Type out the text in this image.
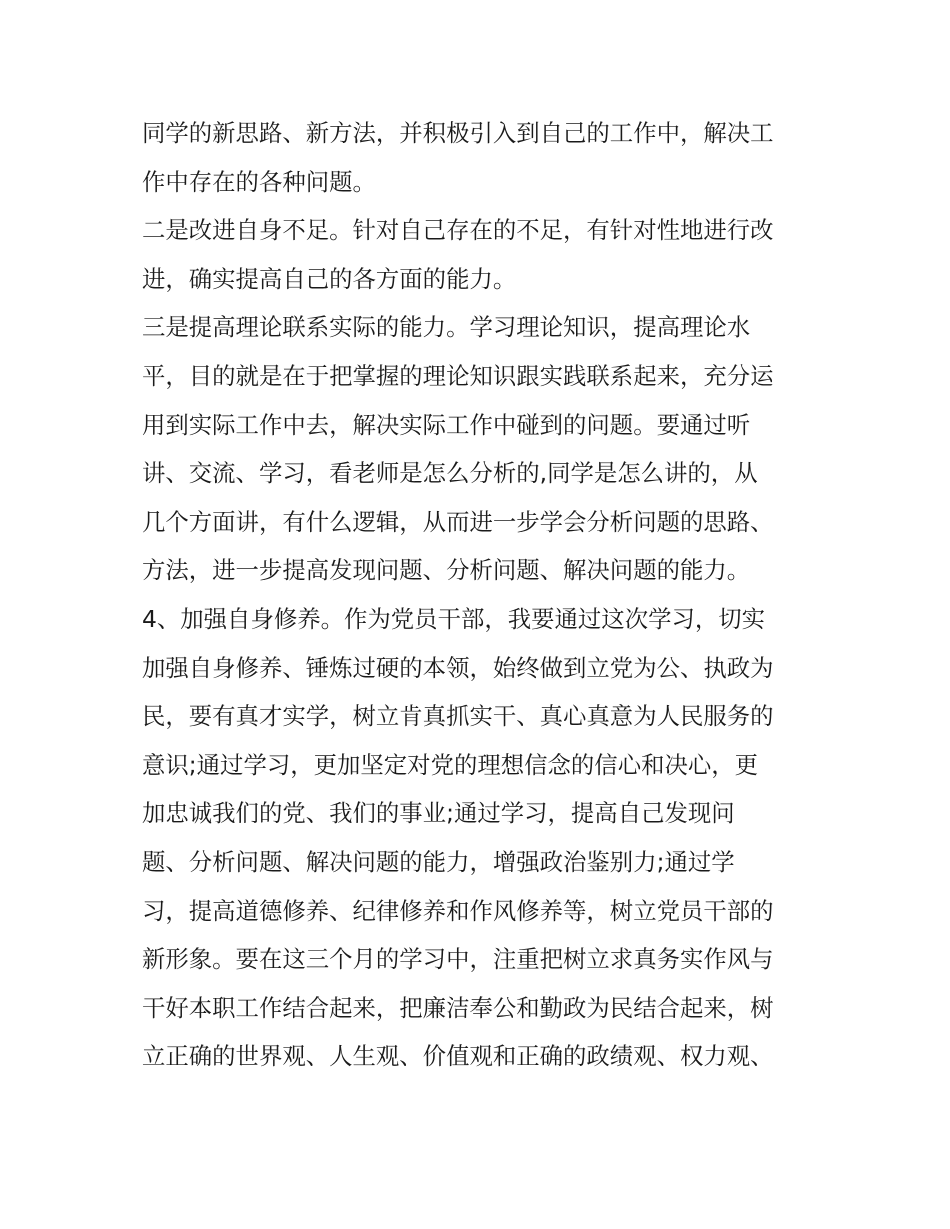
同学的新思路、新方法，并积极引入到自己的工作中，解决工
作中存在的各种问题。
二是改进自身不足。针对自己存在的不足，有针对性地进行改
进，确实提高自己的各方面的能力。
三是提高理论联系实际的能力。学习理论知识，提高理论水
平，目的就是在于把掌握的理论知识跟实践联系起来，充分运
用到实际工作中去，解决实际工作中碰到的问题。要通过听
讲、交流、学习，看老师是怎么分析的,同学是怎么讲的，从
几个方面讲，有什么逻辑，从而进一步学会分析问题的思路、
方法，进一步提高发现问题、分析问题、解决问题的能力。
4、加强自身修养。作为党员干部，我要通过这次学习，切实
加强自身修养、锤炼过硬的本领，始终做到立党为公、执政为
民，要有真才实学，树立肯真抓实干、真心真意为人民服务的
意识;通过学习，更加坚定对党的理想信念的信心和决心，更
加忠诚我们的党、我们的事业;通过学习，提高自己发现问
题、分析问题、解决问题的能力，增强政治鉴别力;通过学
习，提高道德修养、纪律修养和作风修养等，树立党员干部的
新形象。要在这三个月的学习中，注重把树立求真务实作风与
干好本职工作结合起来，把廉洁奉公和勤政为民结合起来，树
立正确的世界观、人生观、价值观和正确的政绩观、权力观、
